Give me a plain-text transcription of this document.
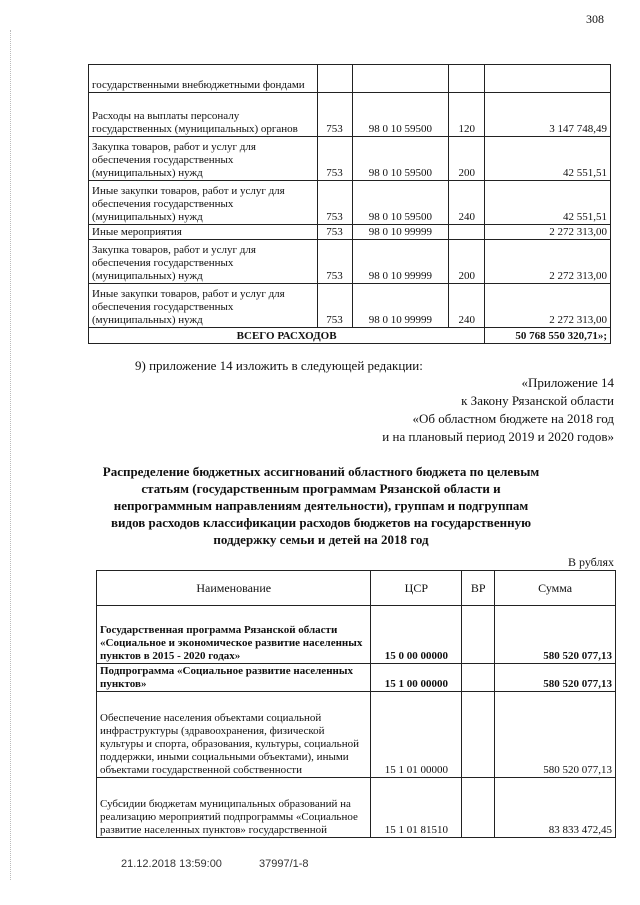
308
государственными внебюджетными фондами				
Расходы на выплаты персоналу государственных (муниципальных) органов	753	98 0 10 59500	120	3 147 748,49
Закупка товаров, работ и услуг для обеспечения государственных (муниципальных) нужд	753	98 0 10 59500	200	42 551,51
Иные закупки товаров, работ и услуг для обеспечения государственных (муниципальных) нужд	753	98 0 10 59500	240	42 551,51
Иные мероприятия	753	98 0 10 99999		2 272 313,00
Закупка товаров, работ и услуг для обеспечения государственных (муниципальных) нужд	753	98 0 10 99999	200	2 272 313,00
Иные закупки товаров, работ и услуг для обеспечения государственных (муниципальных) нужд	753	98 0 10 99999	240	2 272 313,00
ВСЕГО РАСХОДОВ				50 768 550 320,71»;
9) приложение 14 изложить в следующей редакции:
«Приложение 14
к Закону Рязанской области
«Об областном бюджете на 2018 год
и на плановый период 2019 и 2020 годов»
Распределение бюджетных ассигнований областного бюджета по целевым статьям (государственным программам Рязанской области и непрограммным направлениям деятельности), группам и подгруппам видов расходов классификации расходов бюджетов на государственную поддержку семьи и детей на 2018 год
В рублях
Наименование	ЦСР	ВР	Сумма
Государственная программа Рязанской области «Социальное и экономическое развитие населенных пунктов в 2015 - 2020 годах»	15 0 00 00000		580 520 077,13
Подпрограмма «Социальное развитие населенных пунктов»	15 1 00 00000		580 520 077,13
Обеспечение населения объектами социальной инфраструктуры (здравоохранения, физической культуры и спорта, образования, культуры, социальной поддержки, иными социальными объектами), иными объектами государственной собственности	15 1 01 00000		580 520 077,13
Субсидии бюджетам муниципальных образований на реализацию мероприятий подпрограммы «Социальное развитие населенных пунктов» государственной	15 1 01 81510		83 833 472,45
21.12.2018 13:59:00	37997/1-8
